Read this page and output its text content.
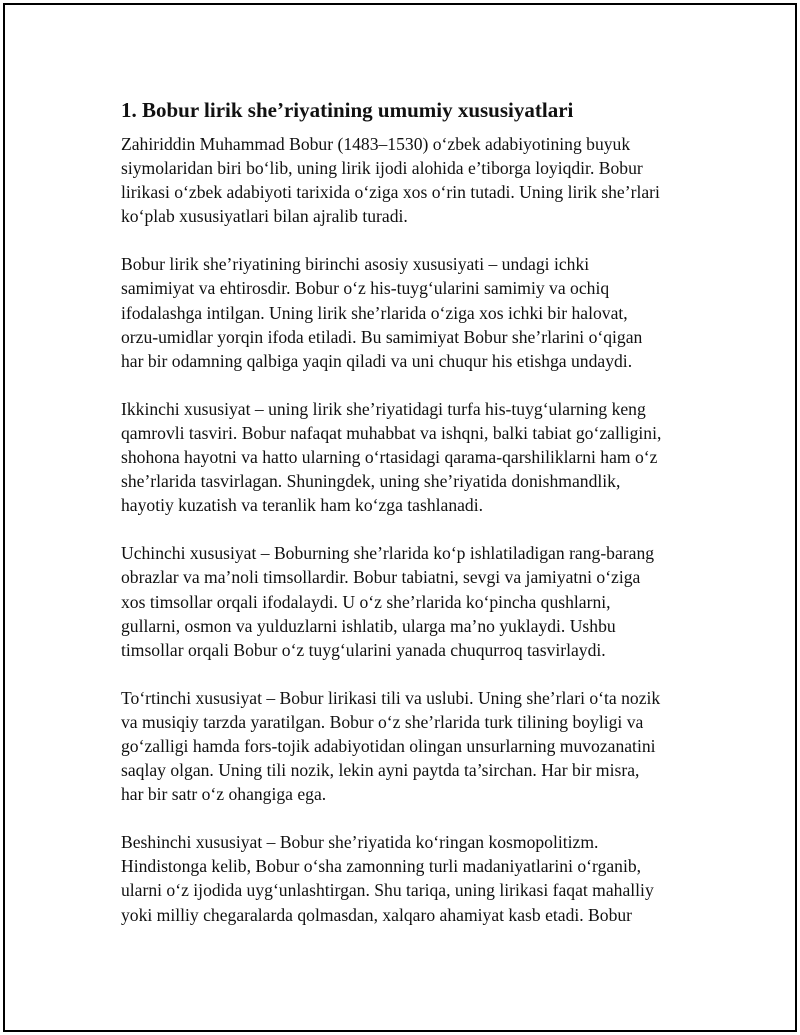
1. Bobur lirik she’riyatining umumiy xususiyatlari

Zahiriddin Muhammad Bobur (1483–1530) o‘zbek adabiyotining buyuk
siymolaridan biri bo‘lib, uning lirik ijodi alohida e’tiborga loyiqdir. Bobur
lirikasi o‘zbek adabiyoti tarixida o‘ziga xos o‘rin tutadi. Uning lirik she’rlari
ko‘plab xususiyatlari bilan ajralib turadi.

Bobur lirik she’riyatining birinchi asosiy xususiyati – undagi ichki
samimiyat va ehtirosdir. Bobur o‘z his-tuyg‘ularini samimiy va ochiq
ifodalashga intilgan. Uning lirik she’rlarida o‘ziga xos ichki bir halovat,
orzu-umidlar yorqin ifoda etiladi. Bu samimiyat Bobur she’rlarini o‘qigan
har bir odamning qalbiga yaqin qiladi va uni chuqur his etishga undaydi.

Ikkinchi xususiyat – uning lirik she’riyatidagi turfa his-tuyg‘ularning keng
qamrovli tasviri. Bobur nafaqat muhabbat va ishqni, balki tabiat go‘zalligini,
shohona hayotni va hatto ularning o‘rtasidagi qarama-qarshiliklarni ham o‘z
she’rlarida tasvirlagan. Shuningdek, uning she’riyatida donishmandlik,
hayotiy kuzatish va teranlik ham ko‘zga tashlanadi.

Uchinchi xususiyat – Boburning she’rlarida ko‘p ishlatiladigan rang-barang
obrazlar va ma’noli timsollardir. Bobur tabiatni, sevgi va jamiyatni o‘ziga
xos timsollar orqali ifodalaydi. U o‘z she’rlarida ko‘pincha qushlarni,
gullarni, osmon va yulduzlarni ishlatib, ularga ma’no yuklaydi. Ushbu
timsollar orqali Bobur o‘z tuyg‘ularini yanada chuqurroq tasvirlaydi.

To‘rtinchi xususiyat – Bobur lirikasi tili va uslubi. Uning she’rlari o‘ta nozik
va musiqiy tarzda yaratilgan. Bobur o‘z she’rlarida turk tilining boyligi va
go‘zalligi hamda fors-tojik adabiyotidan olingan unsurlarning muvozanatini
saqlay olgan. Uning tili nozik, lekin ayni paytda ta’sirchan. Har bir misra,
har bir satr o‘z ohangiga ega.

Beshinchi xususiyat – Bobur she’riyatida ko‘ringan kosmopolitizm.
Hindistonga kelib, Bobur o‘sha zamonning turli madaniyatlarini o‘rganib,
ularni o‘z ijodida uyg‘unlashtirgan. Shu tariqa, uning lirikasi faqat mahalliy
yoki milliy chegaralarda qolmasdan, xalqaro ahamiyat kasb etadi. Bobur
